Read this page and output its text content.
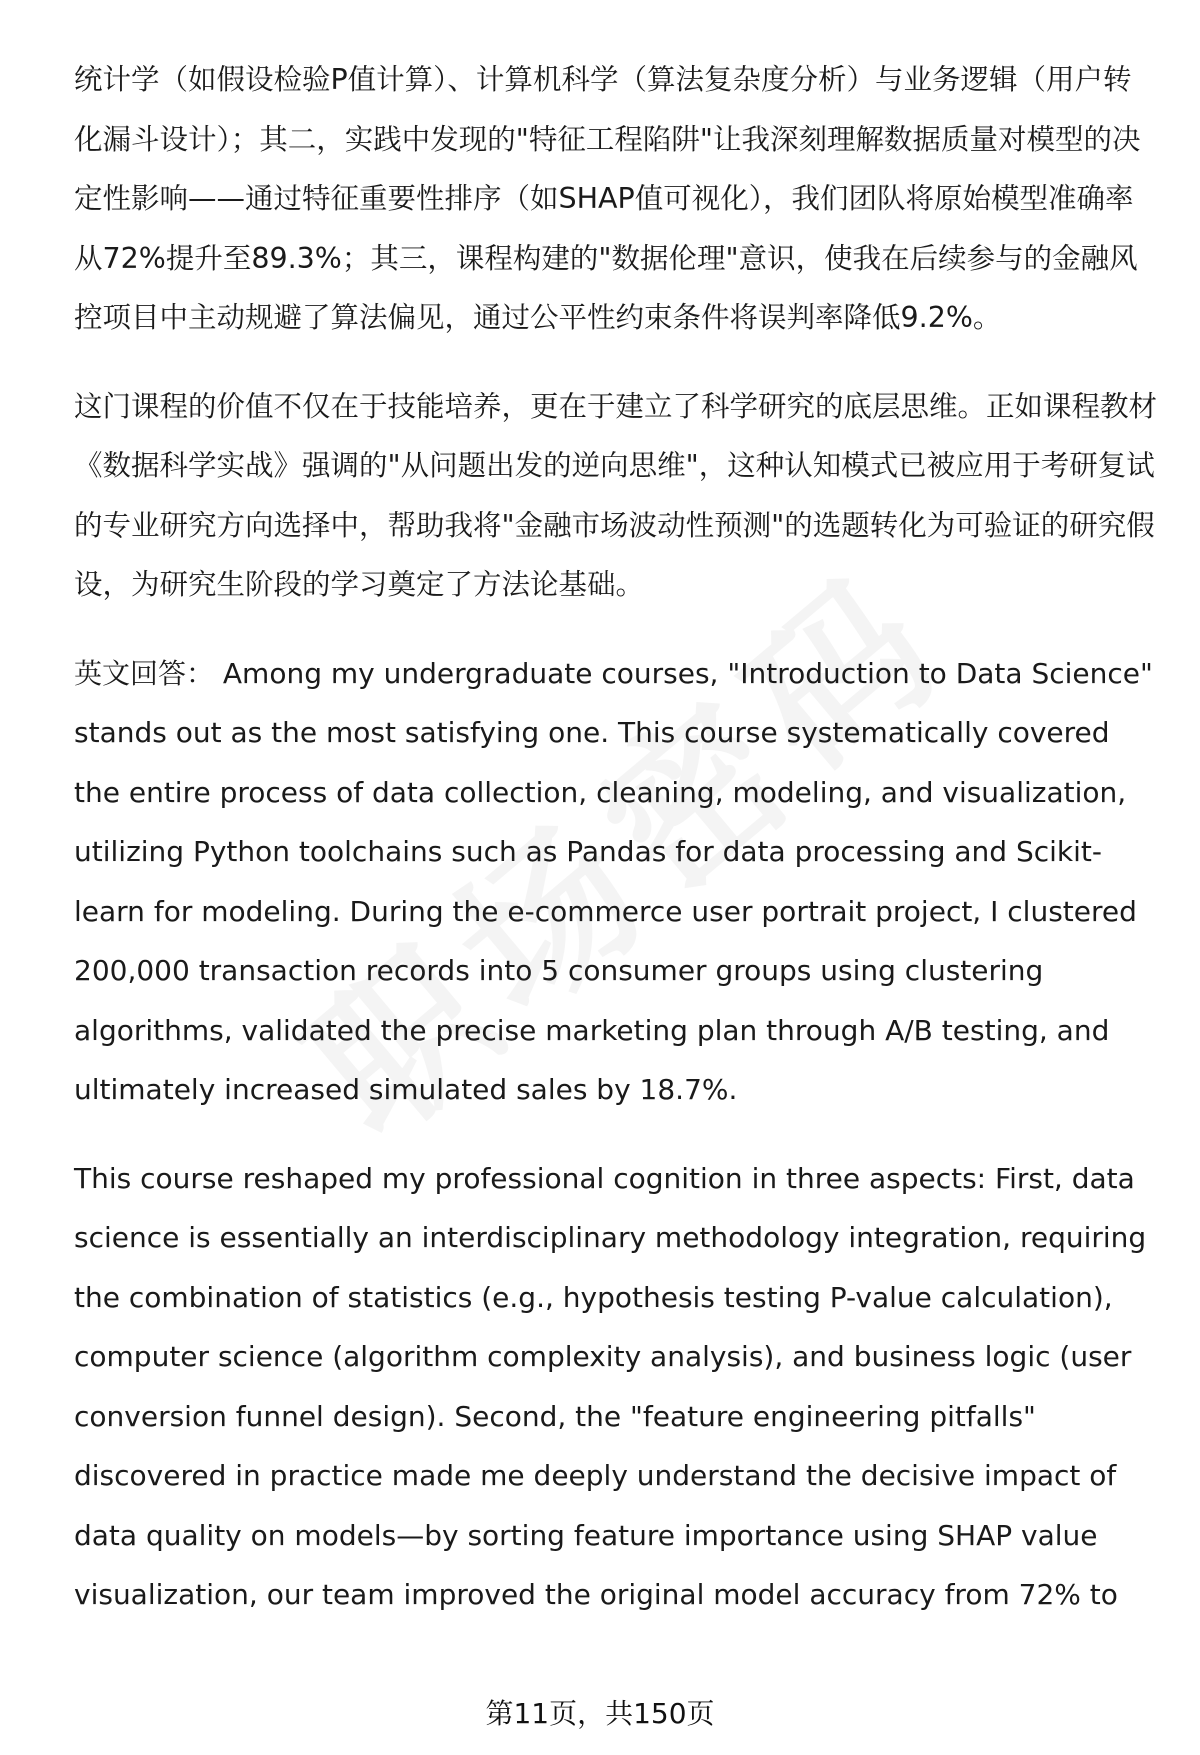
统计学（如假设检验P值计算）、计算机科学（算法复杂度分析）与业务逻辑（用户转化漏斗设计）；其二，实践中发现的"特征工程陷阱"让我深刻理解数据质量对模型的决定性影响——通过特征重要性排序（如SHAP值可视化），我们团队将原始模型准确率从72%提升至89.3%；其三，课程构建的"数据伦理"意识，使我在后续参与的金融风控项目中主动规避了算法偏见，通过公平性约束条件将误判率降低9.2%。

这门课程的价值不仅在于技能培养，更在于建立了科学研究的底层思维。正如课程教材《数据科学实战》强调的"从问题出发的逆向思维"，这种认知模式已被应用于考研复试的专业研究方向选择中，帮助我将"金融市场波动性预测"的选题转化为可验证的研究假设，为研究生阶段的学习奠定了方法论基础。

英文回答： Among my undergraduate courses, "Introduction to Data Science" stands out as the most satisfying one. This course systematically covered the entire process of data collection, cleaning, modeling, and visualization, utilizing Python toolchains such as Pandas for data processing and Scikit-learn for modeling. During the e-commerce user portrait project, I clustered 200,000 transaction records into 5 consumer groups using clustering algorithms, validated the precise marketing plan through A/B testing, and ultimately increased simulated sales by 18.7%.

This course reshaped my professional cognition in three aspects: First, data science is essentially an interdisciplinary methodology integration, requiring the combination of statistics (e.g., hypothesis testing P-value calculation), computer science (algorithm complexity analysis), and business logic (user conversion funnel design). Second, the "feature engineering pitfalls" discovered in practice made me deeply understand the decisive impact of data quality on models—by sorting feature importance using SHAP value visualization, our team improved the original model accuracy from 72% to

第11页，共150页
